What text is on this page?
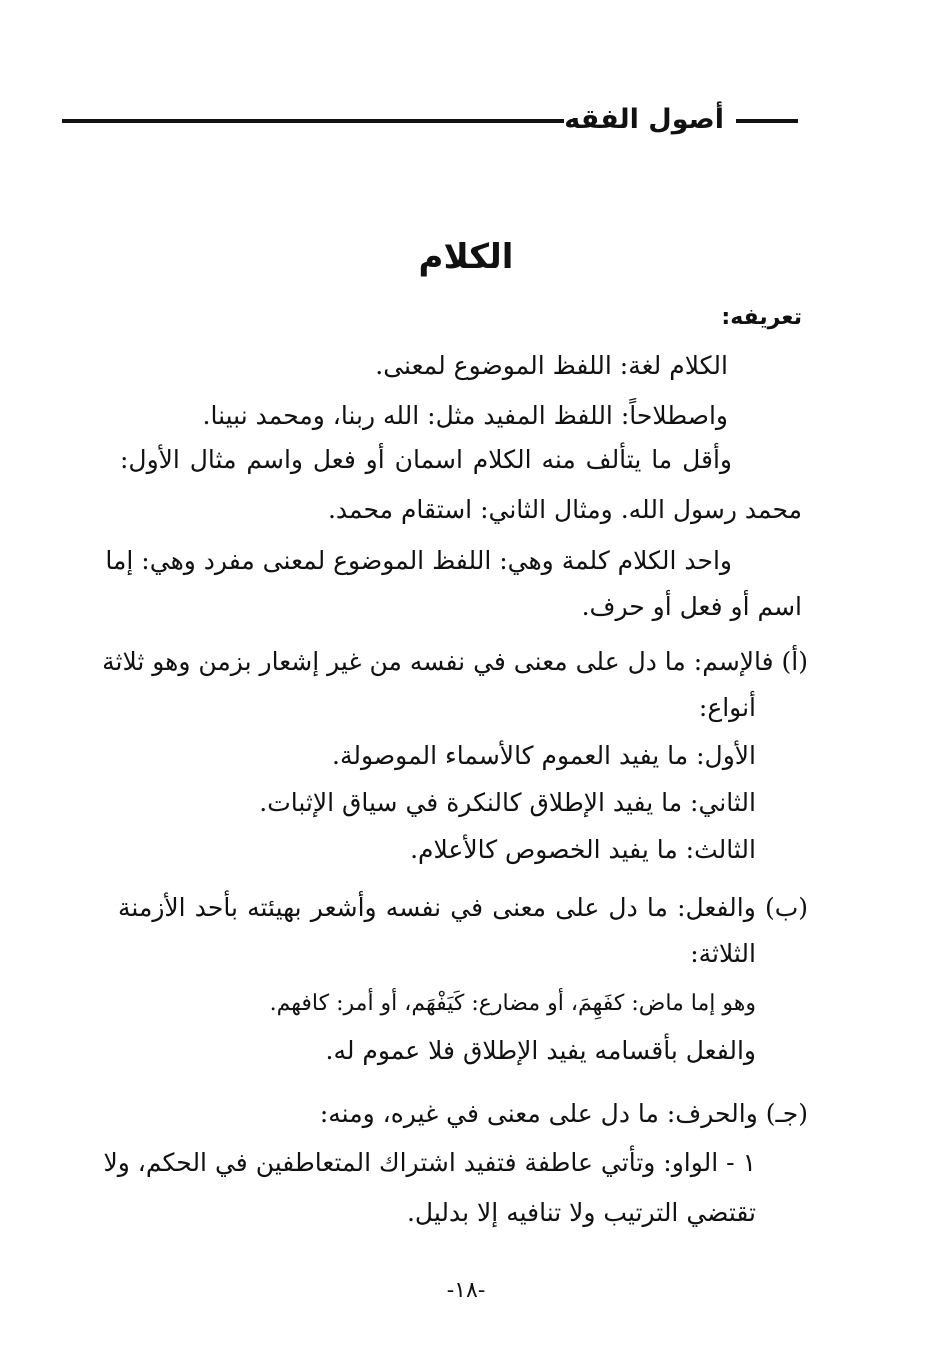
أصول الفقه
الكلام
تعريفه:
الكلام لغة: اللفظ الموضوع لمعنى.
واصطلاحاً: اللفظ المفيد مثل: الله ربنا، ومحمد نبينا.
وأقل ما يتألف منه الكلام اسمان أو فعل واسم مثال الأول:
محمد رسول الله. ومثال الثاني: استقام محمد.
واحد الكلام كلمة وهي: اللفظ الموضوع لمعنى مفرد وهي: إما
اسم أو فعل أو حرف.
(أ) فالإسم: ما دل على معنى في نفسه من غير إشعار بزمن وهو ثلاثة
أنواع:
الأول: ما يفيد العموم كالأسماء الموصولة.
الثاني: ما يفيد الإطلاق كالنكرة في سياق الإثبات.
الثالث: ما يفيد الخصوص كالأعلام.
(ب) والفعل: ما دل على معنى في نفسه وأشعر بهيئته بأحد الأزمنة
الثلاثة:
وهو إما ماض: كفَهِمَ، أو مضارع: كَيَفْهَم، أو أمر: كافهم.
والفعل بأقسامه يفيد الإطلاق فلا عموم له.
(جـ) والحرف: ما دل على معنى في غيره، ومنه:
١ - الواو: وتأتي عاطفة فتفيد اشتراك المتعاطفين في الحكم، ولا
تقتضي الترتيب ولا تنافيه إلا بدليل.
-١٨-
